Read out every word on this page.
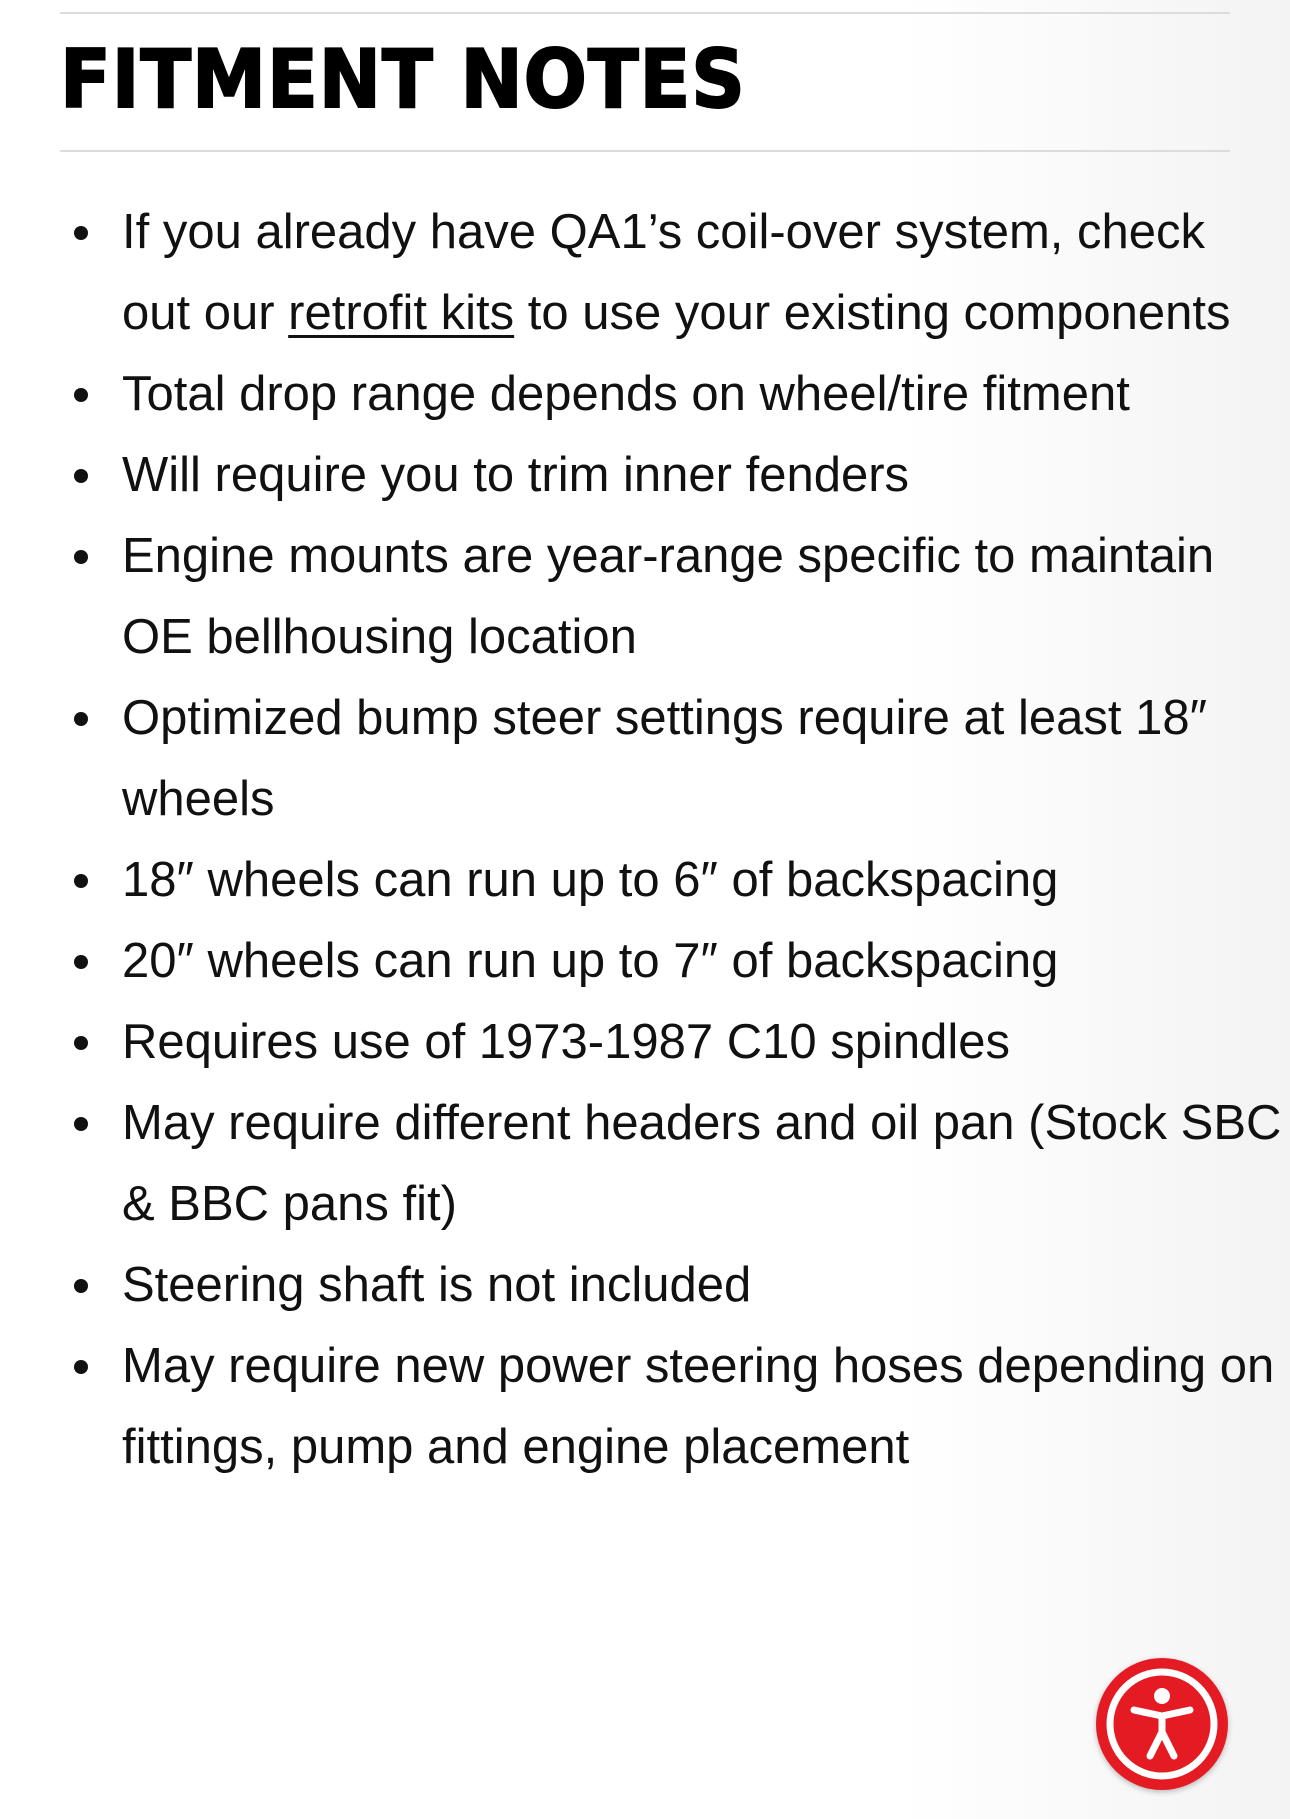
FITMENT NOTES
If you already have QA1’s coil-over system, check out our retrofit kits to use your existing components
Total drop range depends on wheel/tire fitment
Will require you to trim inner fenders
Engine mounts are year-range specific to maintain OE bellhousing location
Optimized bump steer settings require at least 18″ wheels
18″ wheels can run up to 6″ of backspacing
20″ wheels can run up to 7″ of backspacing
Requires use of 1973-1987 C10 spindles
May require different headers and oil pan (Stock SBC & BBC pans fit)
Steering shaft is not included
May require new power steering hoses depending on fittings, pump and engine placement
